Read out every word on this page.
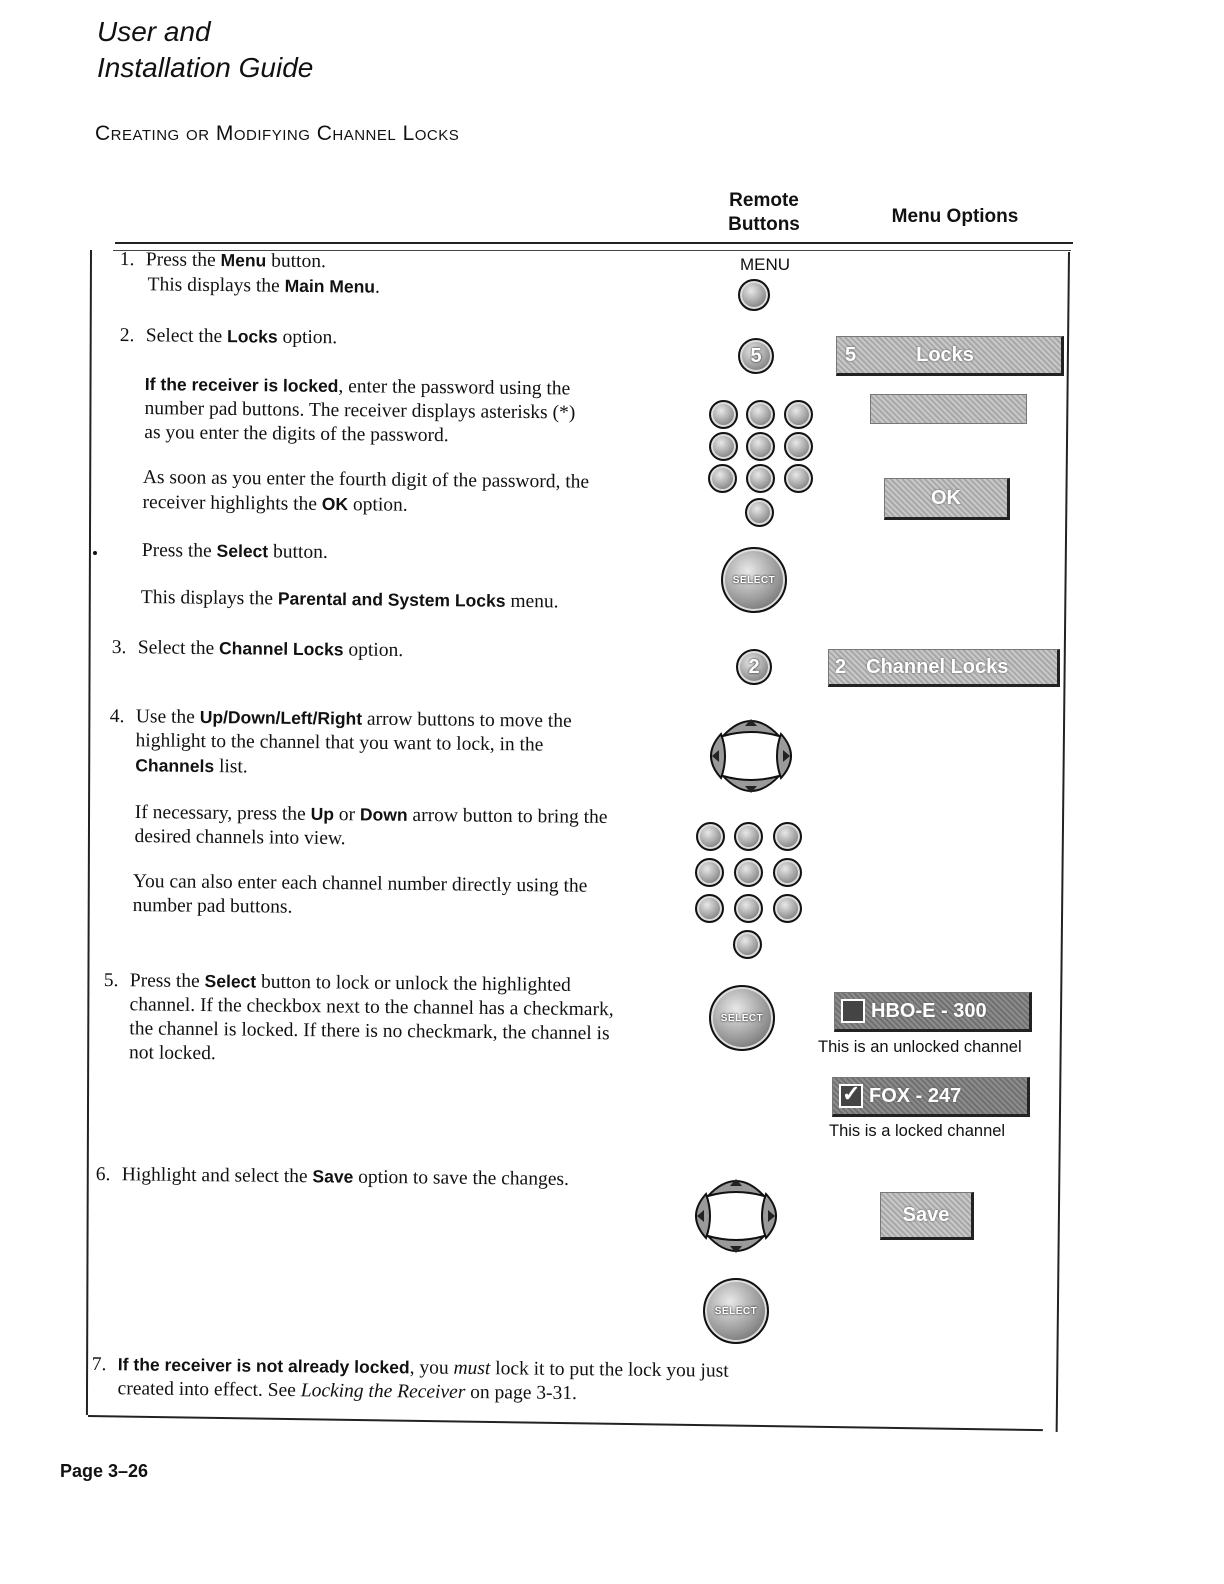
User and
Installation Guide
Creating or Modifying Channel Locks
Remote
Buttons	Menu Options
1. Press the Menu button.
This displays the Main Menu.
2. Select the Locks option.
If the receiver is locked, enter the password using the
number pad buttons. The receiver displays asterisks (*)
as you enter the digits of the password.
As soon as you enter the fourth digit of the password, the
receiver highlights the OK option.
Press the Select button.
This displays the Parental and System Locks menu.
3. Select the Channel Locks option.
4. Use the Up/Down/Left/Right arrow buttons to move the
highlight to the channel that you want to lock, in the
Channels list.
If necessary, press the Up or Down arrow button to bring the
desired channels into view.
You can also enter each channel number directly using the
number pad buttons.
5. Press the Select button to lock or unlock the highlighted
channel. If the checkbox next to the channel has a checkmark,
the channel is locked. If there is no checkmark, the channel is
not locked.
6. Highlight and select the Save option to save the changes.
7. If the receiver is not already locked, you must lock it to put the lock you just
created into effect. See Locking the Receiver on page 3-31.
MENU
5
SELECT
2
SELECT
SELECT
5	Locks
OK
2 Channel Locks
HBO-E - 300
This is an unlocked channel
✓
FOX - 247
This is a locked channel
Save
Page 3–26
